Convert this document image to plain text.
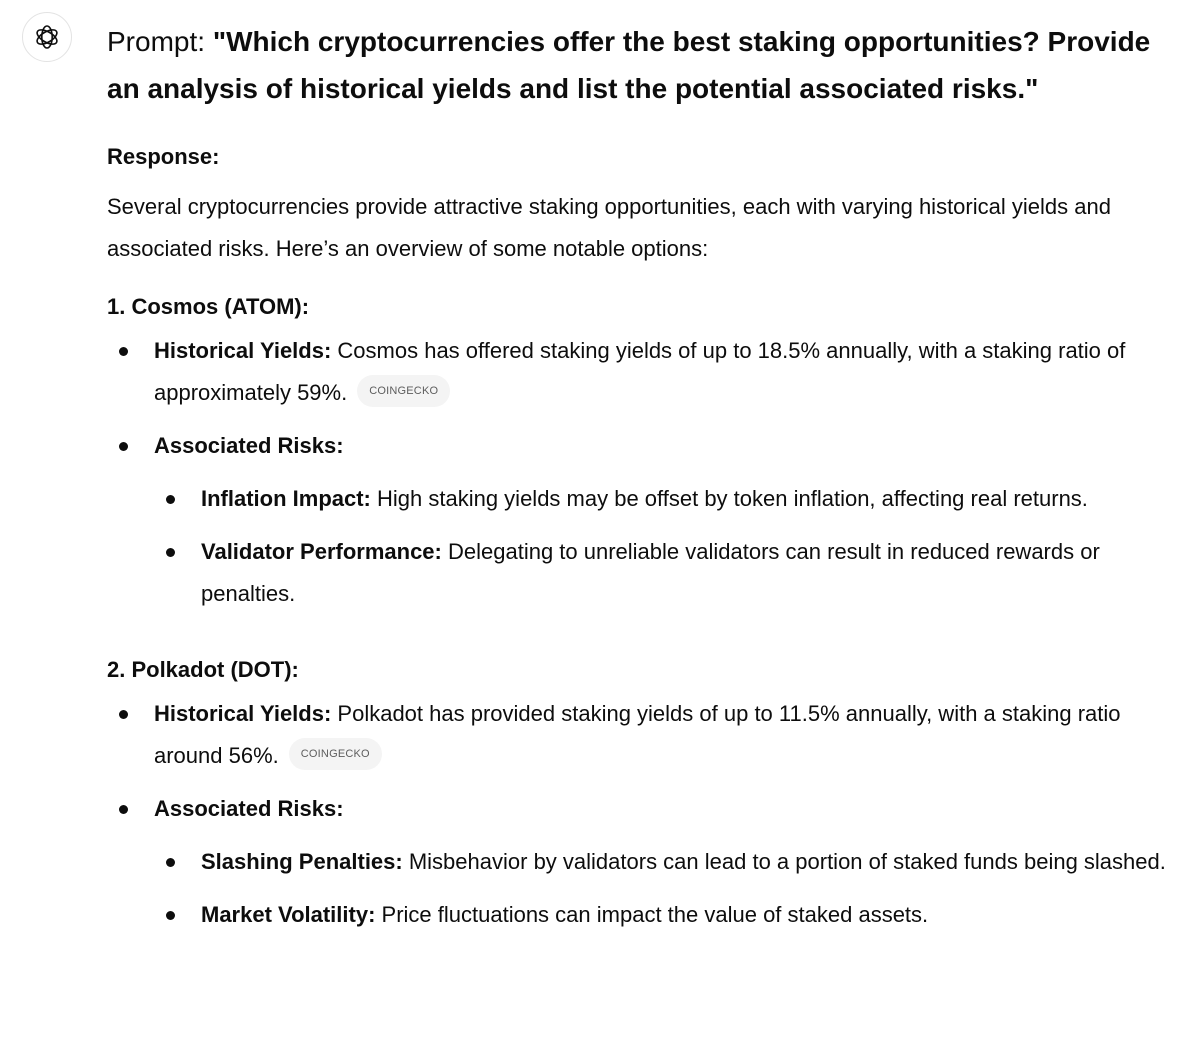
Prompt: "Which cryptocurrencies offer the best staking opportunities? Provide an analysis of historical yields and list the potential associated risks."

Response:
Several cryptocurrencies provide attractive staking opportunities, each with varying historical yields and associated risks. Here’s an overview of some notable options:
1. Cosmos (ATOM):
Historical Yields: Cosmos has offered staking yields of up to 18.5% annually, with a staking ratio of approximately 59%. COINGECKO
Associated Risks:
Inflation Impact: High staking yields may be offset by token inflation, affecting real returns.
Validator Performance: Delegating to unreliable validators can result in reduced rewards or penalties.
2. Polkadot (DOT):
Historical Yields: Polkadot has provided staking yields of up to 11.5% annually, with a staking ratio around 56%. COINGECKO
Associated Risks:
Slashing Penalties: Misbehavior by validators can lead to a portion of staked funds being slashed.
Market Volatility: Price fluctuations can impact the value of staked assets.
